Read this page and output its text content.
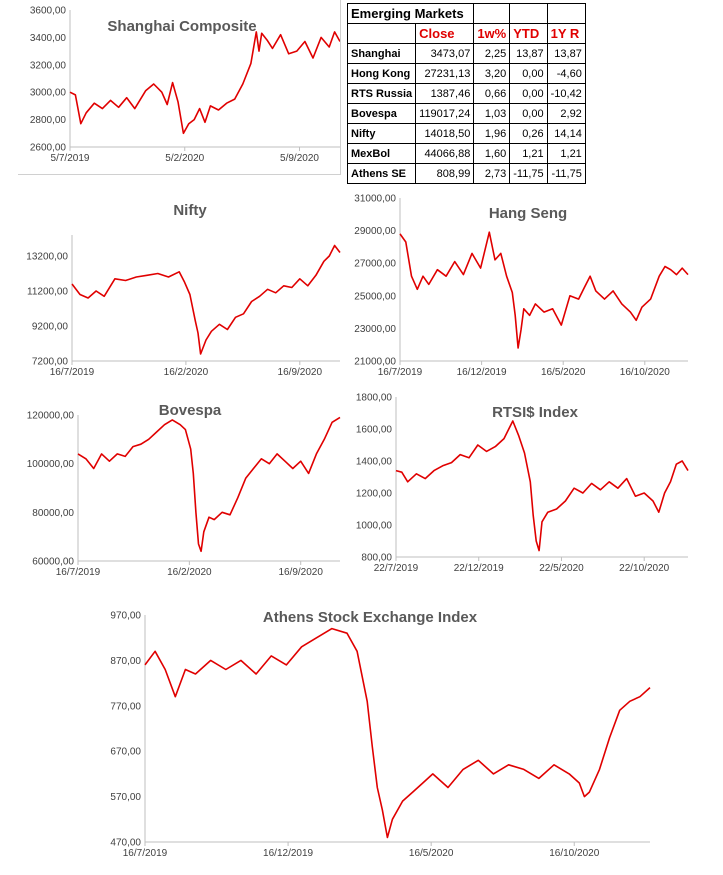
Emerging Markets				
	Close	1w%	YTD	1Y R
Shanghai	3473,07	2,25	13,87	13,87
Hong Kong	27231,13	3,20	0,00	-4,60
RTS Russia	1387,46	0,66	0,00	-10,42
Bovespa	119017,24	1,03	0,00	2,92
Nifty	14018,50	1,96	0,26	14,14
MexBol	44066,88	1,60	1,21	1,21
Athens SE	808,99	2,73	-11,75	-11,75
Shanghai Composite
2600,00
2800,00
3000,00
3200,00
3400,00
3600,00
5/7/2019	5/2/2020	5/9/2020
Nifty
7200,00
9200,00
11200,00
13200,00
16/7/2019	16/2/2020	16/9/2020
Hang Seng
21000,00
23000,00
25000,00
27000,00
29000,00
31000,00
16/7/2019	16/12/2019	16/5/2020	16/10/2020
Bovespa
60000,00
80000,00
100000,00
120000,00
16/7/2019	16/2/2020	16/9/2020
RTSI$ Index
800,00
1000,00
1200,00
1400,00
1600,00
1800,00
22/7/2019	22/12/2019	22/5/2020	22/10/2020
Athens Stock Exchange Index
470,00
570,00
670,00
770,00
870,00
970,00
16/7/2019	16/12/2019	16/5/2020	16/10/2020
